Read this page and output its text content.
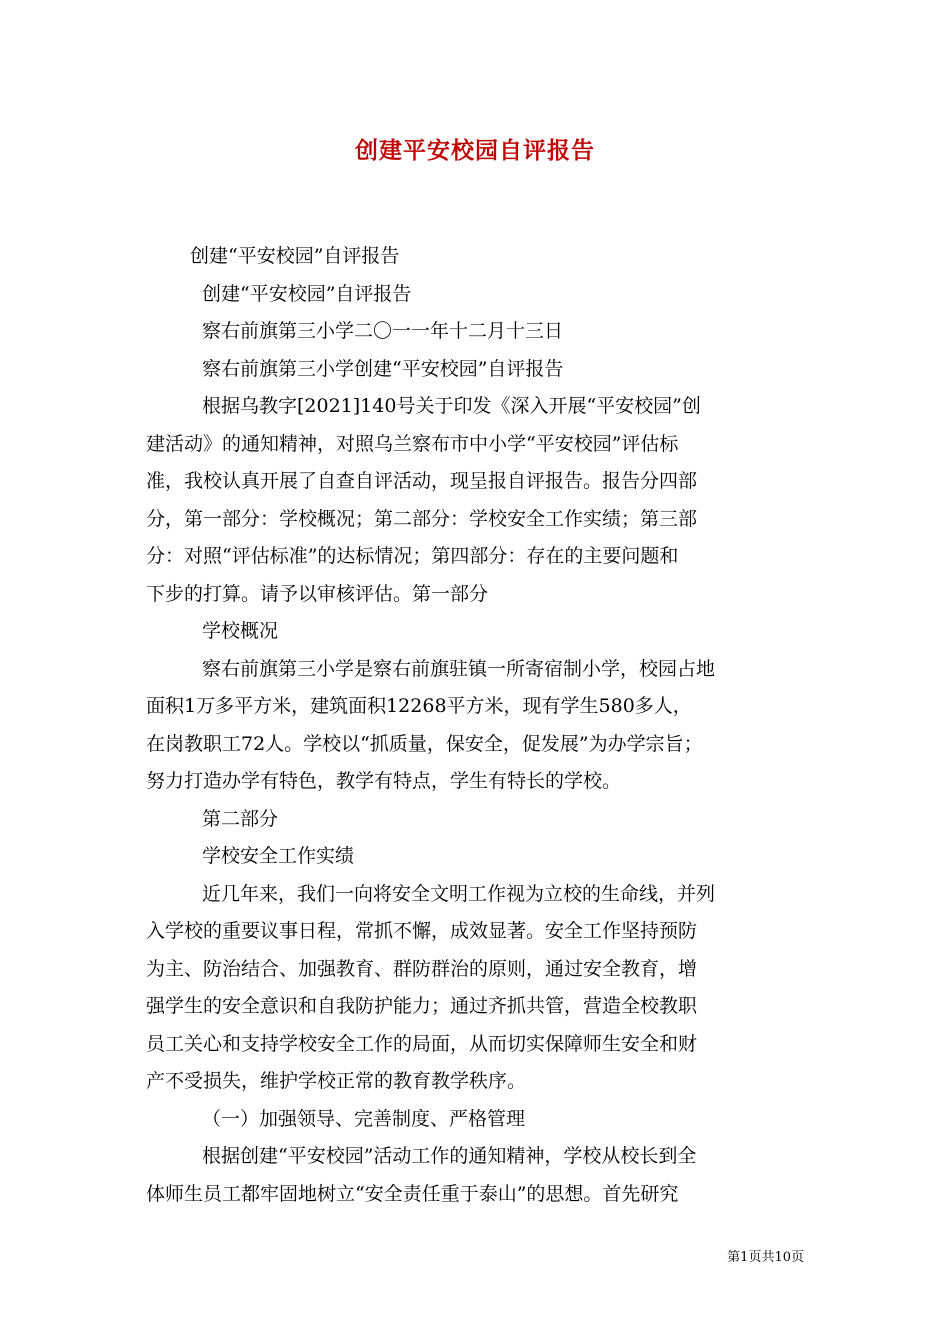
创建平安校园自评报告
创建“平安校园”自评报告
创建“平安校园”自评报告
察右前旗第三小学二〇一一年十二月十三日
察右前旗第三小学创建“平安校园”自评报告
根据乌教字[2021]140号关于印发《深入开展“平安校园”创
建活动》的通知精神，对照乌兰察布市中小学“平安校园”评估标
准，我校认真开展了自查自评活动，现呈报自评报告。报告分四部
分，第一部分：学校概况；第二部分：学校安全工作实绩；第三部
分：对照“评估标准”的达标情况；第四部分：存在的主要问题和
下步的打算。请予以审核评估。第一部分
学校概况
察右前旗第三小学是察右前旗驻镇一所寄宿制小学，校园占地
面积1万多平方米，建筑面积12268平方米，现有学生580多人，
在岗教职工72人。学校以“抓质量，保安全，促发展”为办学宗旨；
努力打造办学有特色，教学有特点，学生有特长的学校。
第二部分
学校安全工作实绩
近几年来，我们一向将安全文明工作视为立校的生命线，并列
入学校的重要议事日程，常抓不懈，成效显著。安全工作坚持预防
为主、防治结合、加强教育、群防群治的原则，通过安全教育，增
强学生的安全意识和自我防护能力；通过齐抓共管，营造全校教职
员工关心和支持学校安全工作的局面，从而切实保障师生安全和财
产不受损失，维护学校正常的教育教学秩序。
（一）加强领导、完善制度、严格管理
根据创建“平安校园”活动工作的通知精神，学校从校长到全
体师生员工都牢固地树立“安全责任重于泰山”的思想。首先研究
第1页共10页
